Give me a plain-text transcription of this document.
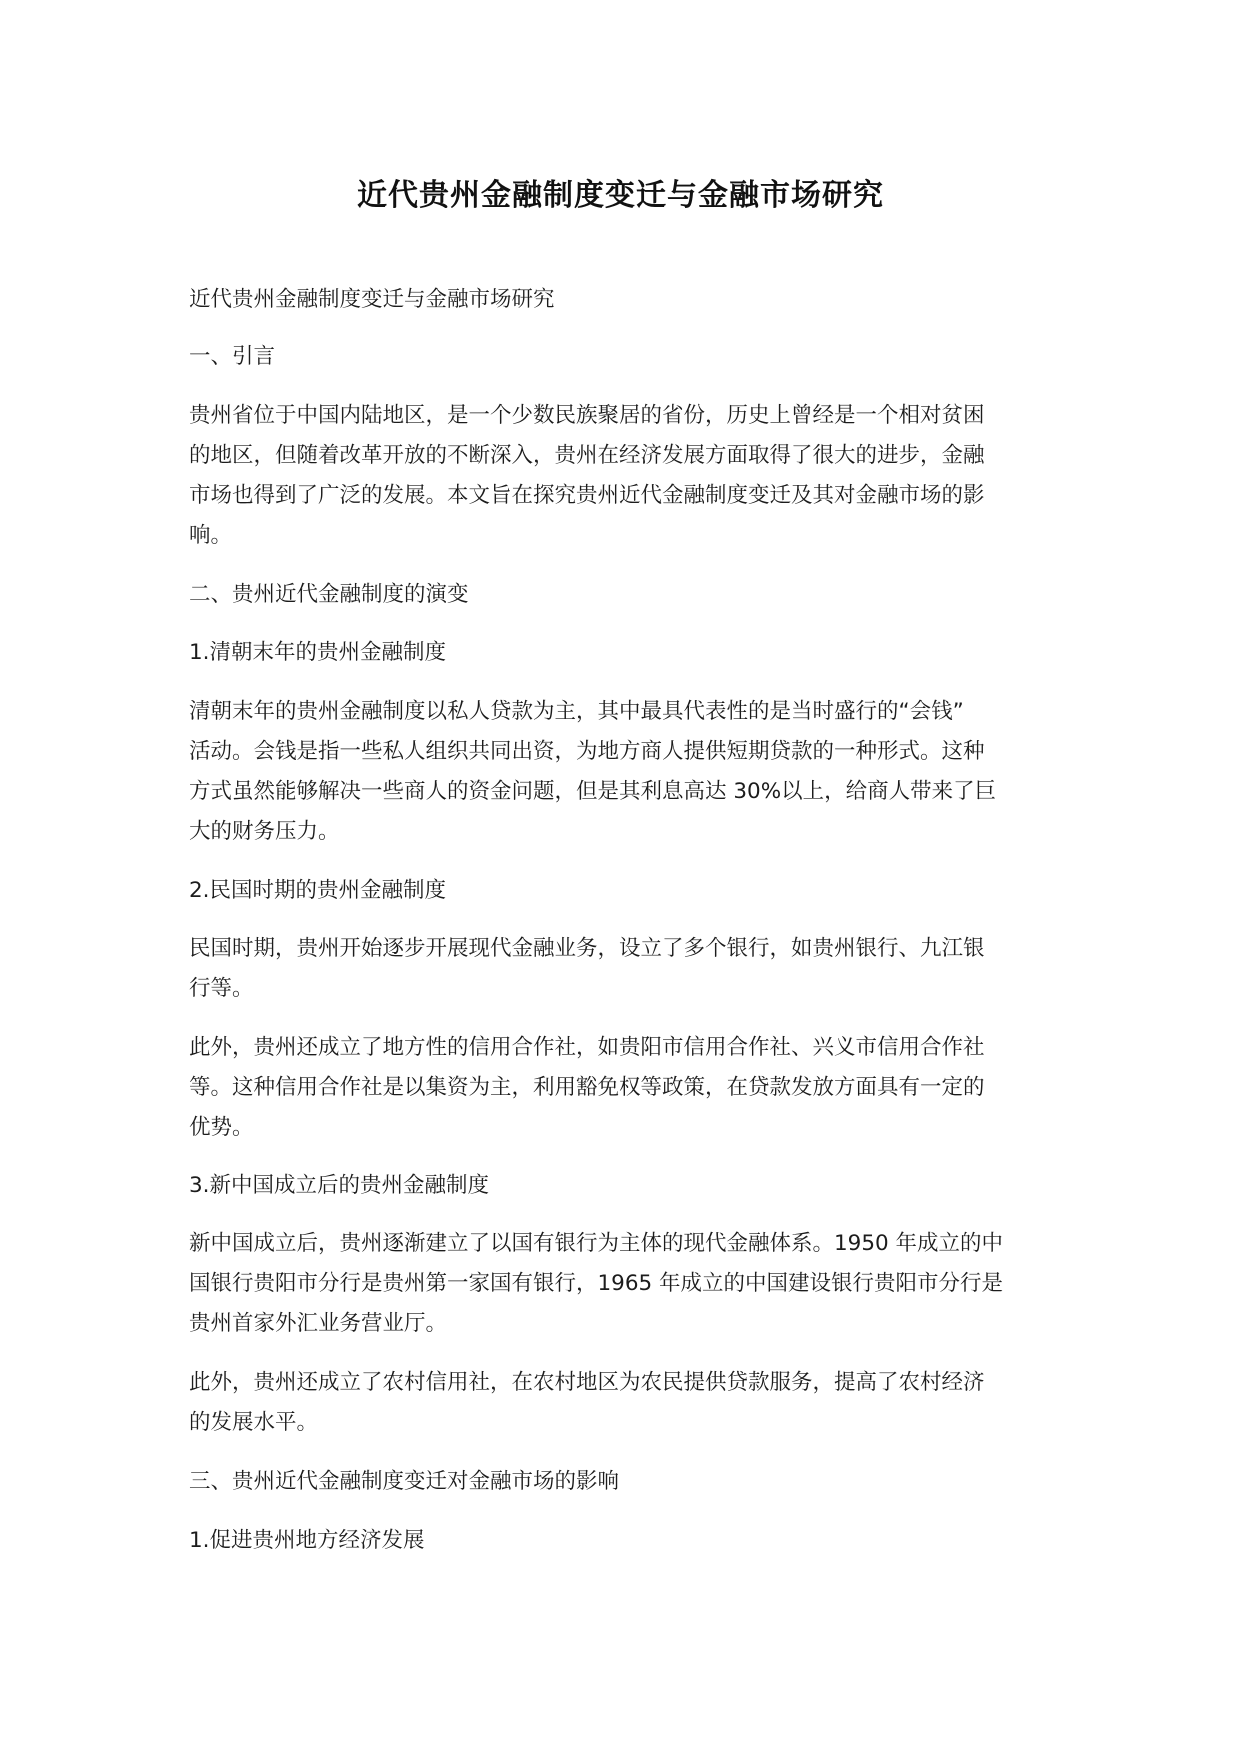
近代贵州金融制度变迁与金融市场研究

近代贵州金融制度变迁与金融市场研究

一、引言

贵州省位于中国内陆地区，是一个少数民族聚居的省份，历史上曾经是一个相对贫困
的地区，但随着改革开放的不断深入，贵州在经济发展方面取得了很大的进步，金融
市场也得到了广泛的发展。本文旨在探究贵州近代金融制度变迁及其对金融市场的影
响。

二、贵州近代金融制度的演变

1.清朝末年的贵州金融制度

清朝末年的贵州金融制度以私人贷款为主，其中最具代表性的是当时盛行的“会钱”
活动。会钱是指一些私人组织共同出资，为地方商人提供短期贷款的一种形式。这种
方式虽然能够解决一些商人的资金问题，但是其利息高达 30%以上，给商人带来了巨
大的财务压力。

2.民国时期的贵州金融制度

民国时期，贵州开始逐步开展现代金融业务，设立了多个银行，如贵州银行、九江银
行等。
此外，贵州还成立了地方性的信用合作社，如贵阳市信用合作社、兴义市信用合作社
等。这种信用合作社是以集资为主，利用豁免权等政策，在贷款发放方面具有一定的
优势。

3.新中国成立后的贵州金融制度

新中国成立后，贵州逐渐建立了以国有银行为主体的现代金融体系。1950 年成立的中
国银行贵阳市分行是贵州第一家国有银行，1965 年成立的中国建设银行贵阳市分行是
贵州首家外汇业务营业厅。
此外，贵州还成立了农村信用社，在农村地区为农民提供贷款服务，提高了农村经济
的发展水平。

三、贵州近代金融制度变迁对金融市场的影响

1.促进贵州地方经济发展
